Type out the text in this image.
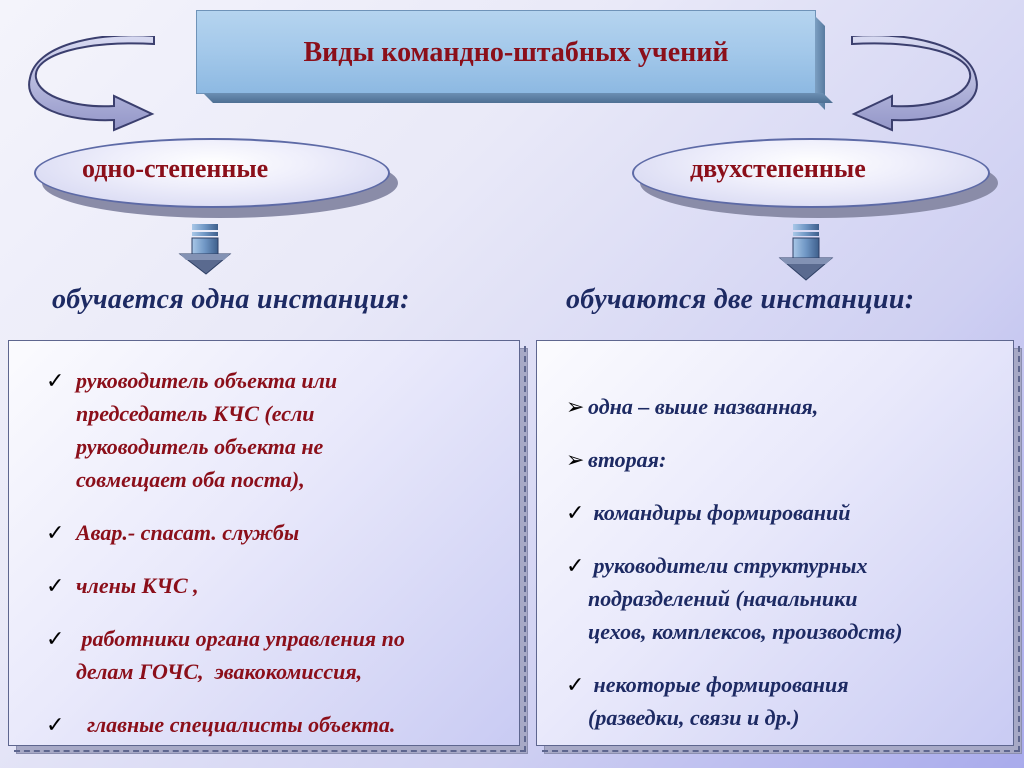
Виды командно-штабных учений
одно-степенные	двухстепенные
обучается одна инстанция:	обучаются две инстанции:
✓ руководитель объекта или
председатель КЧС (если
руководитель объекта не
совмещает оба поста),
✓ Авар.- спасат. службы
✓ члены КЧС ,
✓ работники органа управления по
делам ГОЧС,  эвакокомиссия,
✓  главные специалисты объекта.
➢ одна – выше названная,
➢ вторая:
✓ командиры формирований
✓ руководители структурных
подразделений (начальники
цехов, комплексов, производств)
✓ некоторые формирования
(разведки, связи и др.)
